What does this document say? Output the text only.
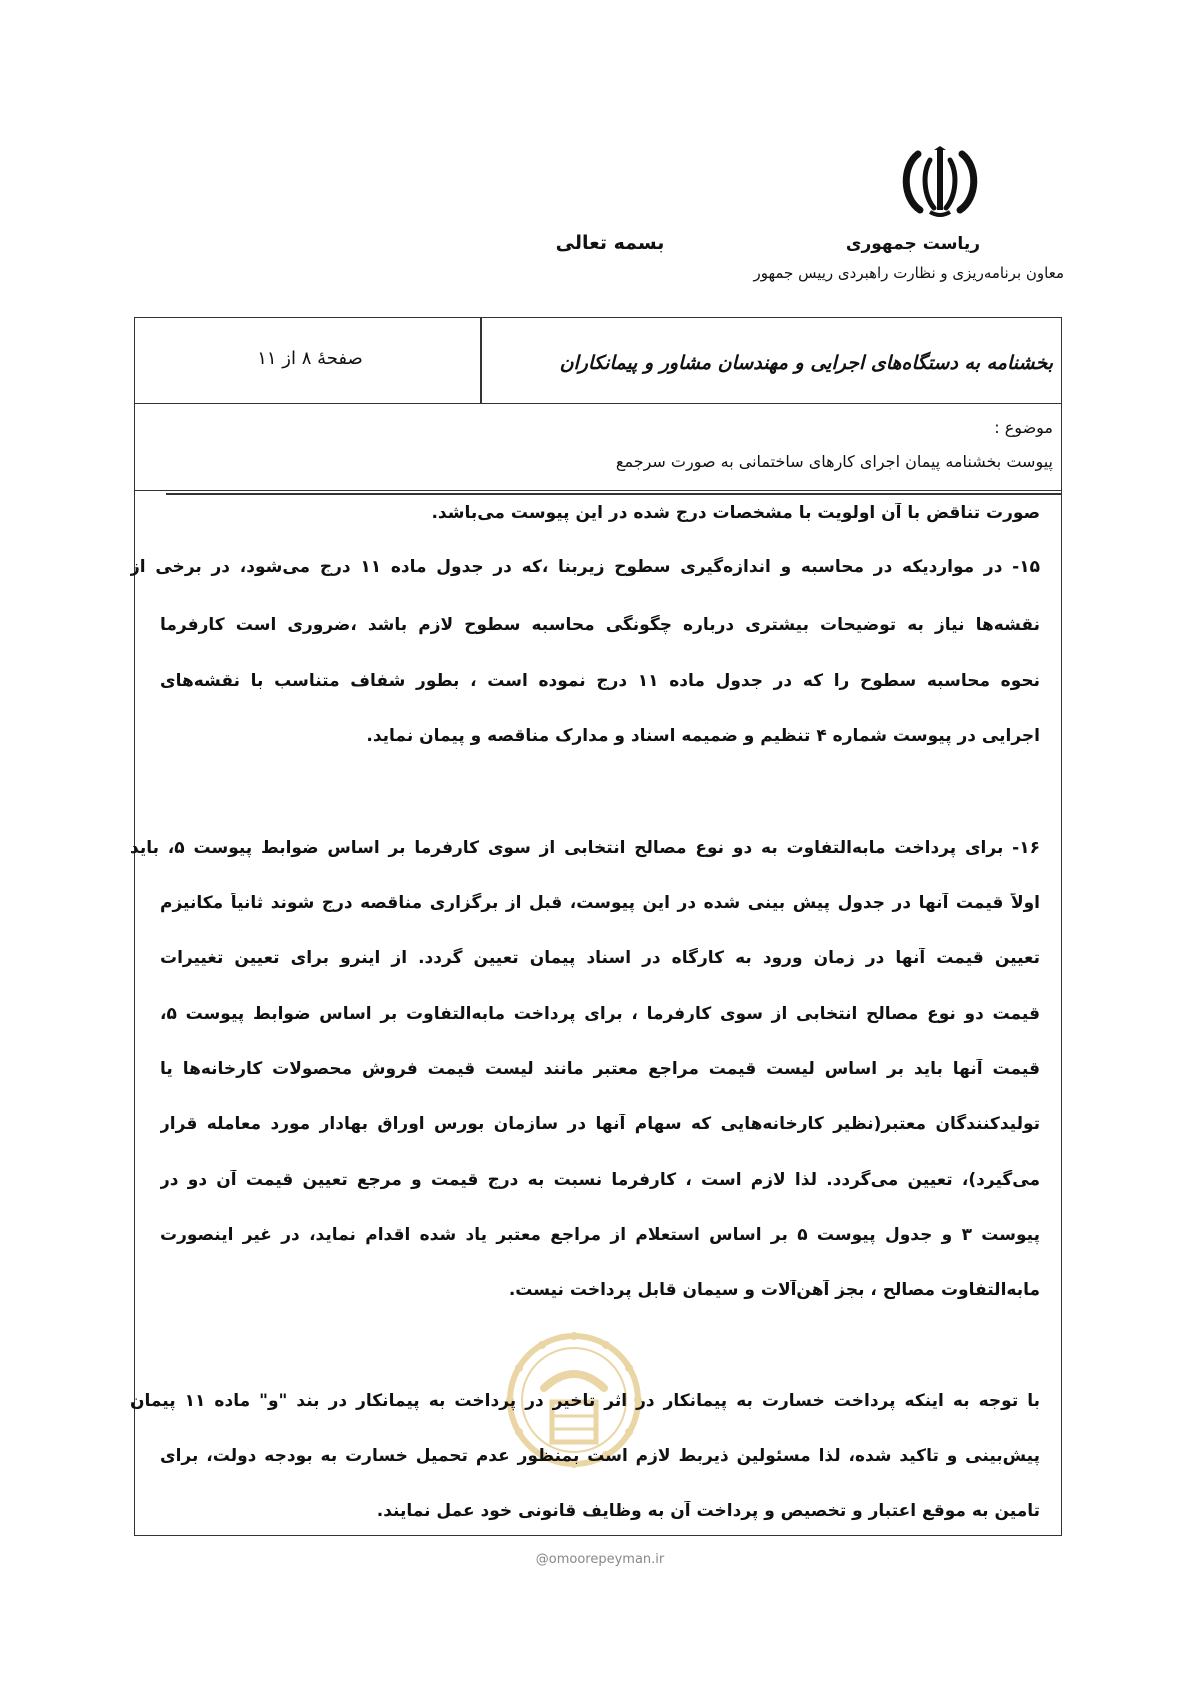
ریاست جمهوری
بسمه تعالی
معاون برنامه‌ریزی و نظارت راهبردی رییس جمهور
بخشنامه به دستگاه‌های اجرایی و مهندسان مشاور و پیمانکاران
صفحهٔ ۸ از ۱۱
موضوع :
پیوست بخشنامه پیمان اجرای کارهای ساختمانی به صورت سرجمع
صورت تناقض با آن اولویت با مشخصات درج شده در این پیوست می‌باشد.
۱۵- در مواردیکه در محاسبه و اندازه‌گیری سطوح زیربنا ،که در جدول ماده ۱۱ درج می‌شود، در برخی از
نقشه‌ها نیاز به توضیحات بیشتری درباره چگونگی محاسبه سطوح لازم باشد ،ضروری است کارفرما
نحوه محاسبه سطوح را که در جدول ماده ۱۱ درج نموده است ، بطور شفاف متناسب با نقشه‌های
اجرایی در پیوست شماره ۴ تنظیم و ضمیمه اسناد و مدارک مناقصه و پیمان نماید.
۱۶- برای پرداخت مابه‌التفاوت به دو نوع مصالح انتخابی از سوی کارفرما بر اساس ضوابط پیوست ۵، باید
اولاً قیمت آنها در جدول پیش بینی شده در این پیوست، قبل از برگزاری مناقصه درج شوند ثانیاً مکانیزم
تعیین قیمت آنها در زمان ورود به کارگاه در اسناد پیمان تعیین گردد. از اینرو برای تعیین تغییرات
قیمت دو نوع مصالح انتخابی از سوی کارفرما ، برای پرداخت مابه‌التفاوت بر اساس ضوابط پیوست ۵،
قیمت آنها باید بر اساس لیست قیمت مراجع معتبر مانند لیست قیمت فروش محصولات کارخانه‌ها یا
تولیدکنندگان معتبر(نظیر کارخانه‌هایی که سهام آنها در سازمان بورس اوراق بهادار مورد معامله قرار
می‌گیرد)، تعیین می‌گردد. لذا لازم است ، کارفرما نسبت به درج قیمت و مرجع تعیین قیمت آن دو در
پیوست ۳ و جدول پیوست ۵ بر اساس استعلام از مراجع معتبر یاد شده اقدام نماید، در غیر اینصورت
مابه‌التفاوت مصالح ، بجز آهن‌آلات و سیمان قابل پرداخت نیست.
با توجه به اینکه پرداخت خسارت به پیمانکار در اثر تاخیر در پرداخت به پیمانکار در بند "و" ماده ۱۱ پیمان
پیش‌بینی و تاکید شده، لذا مسئولین ذیربط لازم است بمنظور عدم تحمیل خسارت به بودجه دولت، برای
تامین به موقع اعتبار و تخصیص و پرداخت آن به وظایف قانونی خود عمل نمایند.
@omoorepeyman.ir
